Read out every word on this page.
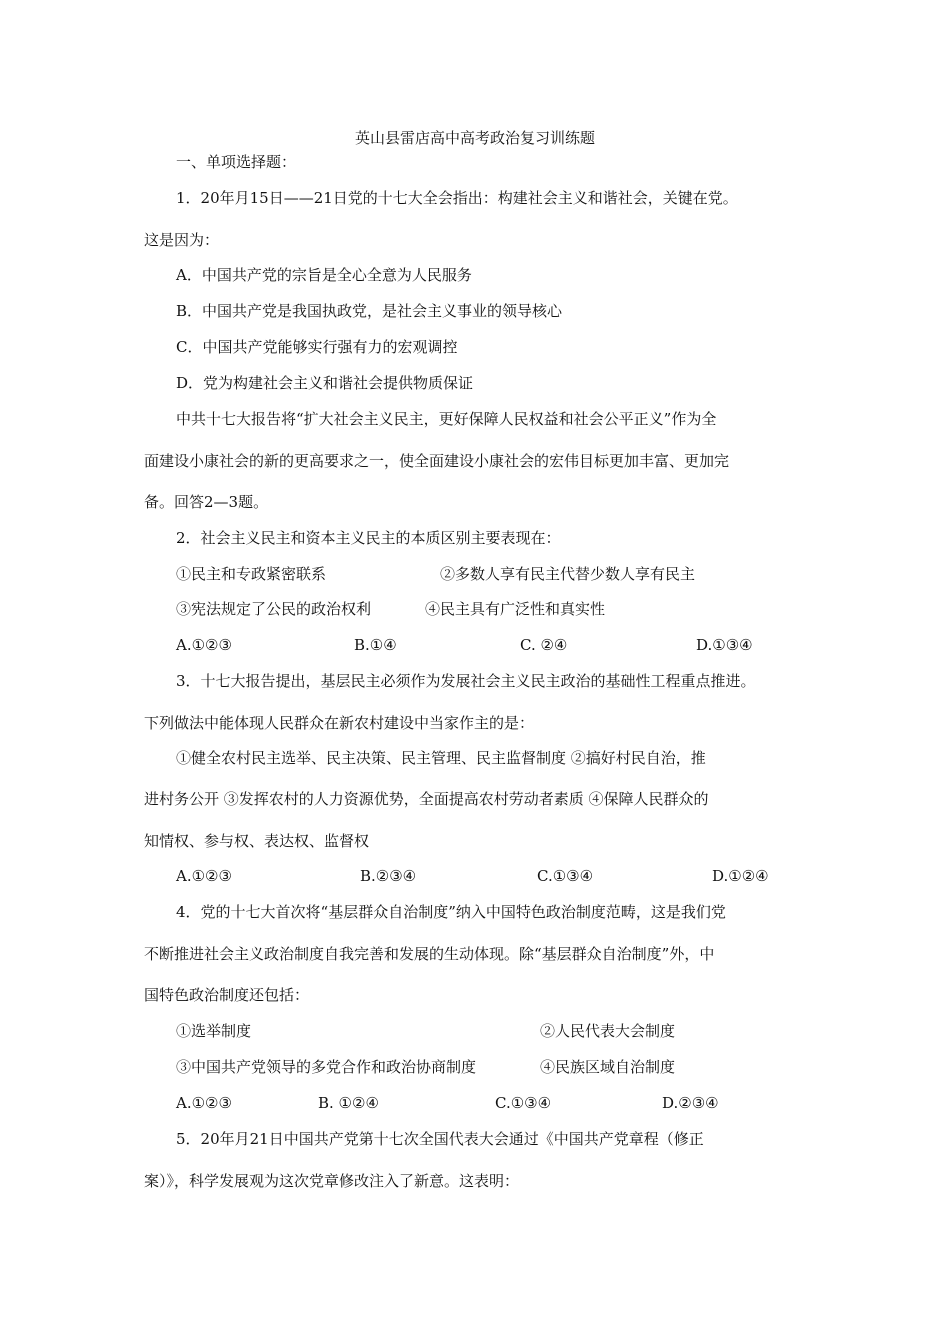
英山县雷店高中高考政治复习训练题
一、单项选择题：
1．20年月15日——21日党的十七大全会指出：构建社会主义和谐社会，关键在党。
这是因为：
A．中国共产党的宗旨是全心全意为人民服务
B．中国共产党是我国执政党，是社会主义事业的领导核心
C．中国共产党能够实行强有力的宏观调控
D．党为构建社会主义和谐社会提供物质保证
中共十七大报告将“扩大社会主义民主，更好保障人民权益和社会公平正义”作为全
面建设小康社会的新的更高要求之一，使全面建设小康社会的宏伟目标更加丰富、更加完
备。回答2—3题。
2．社会主义民主和资本主义民主的本质区别主要表现在：
①民主和专政紧密联系	②多数人享有民主代替少数人享有民主
③宪法规定了公民的政治权利	④民主具有广泛性和真实性
A.①②③	B.①④	C. ②④	D.①③④
3．十七大报告提出，基层民主必须作为发展社会主义民主政治的基础性工程重点推进。
下列做法中能体现人民群众在新农村建设中当家作主的是：
①健全农村民主选举、民主决策、民主管理、民主监督制度 ②搞好村民自治，推
进村务公开 ③发挥农村的人力资源优势，全面提高农村劳动者素质 ④保障人民群众的
知情权、参与权、表达权、监督权
A.①②③	B.②③④	C.①③④	D.①②④
4．党的十七大首次将“基层群众自治制度”纳入中国特色政治制度范畴，这是我们党
不断推进社会主义政治制度自我完善和发展的生动体现。除“基层群众自治制度”外，中
国特色政治制度还包括：
①选举制度	②人民代表大会制度
③中国共产党领导的多党合作和政治协商制度	④民族区域自治制度
A.①②③	B. ①②④	C.①③④	D.②③④
5．20年月21日中国共产党第十七次全国代表大会通过《中国共产党章程（修正
案）》，科学发展观为这次党章修改注入了新意。这表明：
